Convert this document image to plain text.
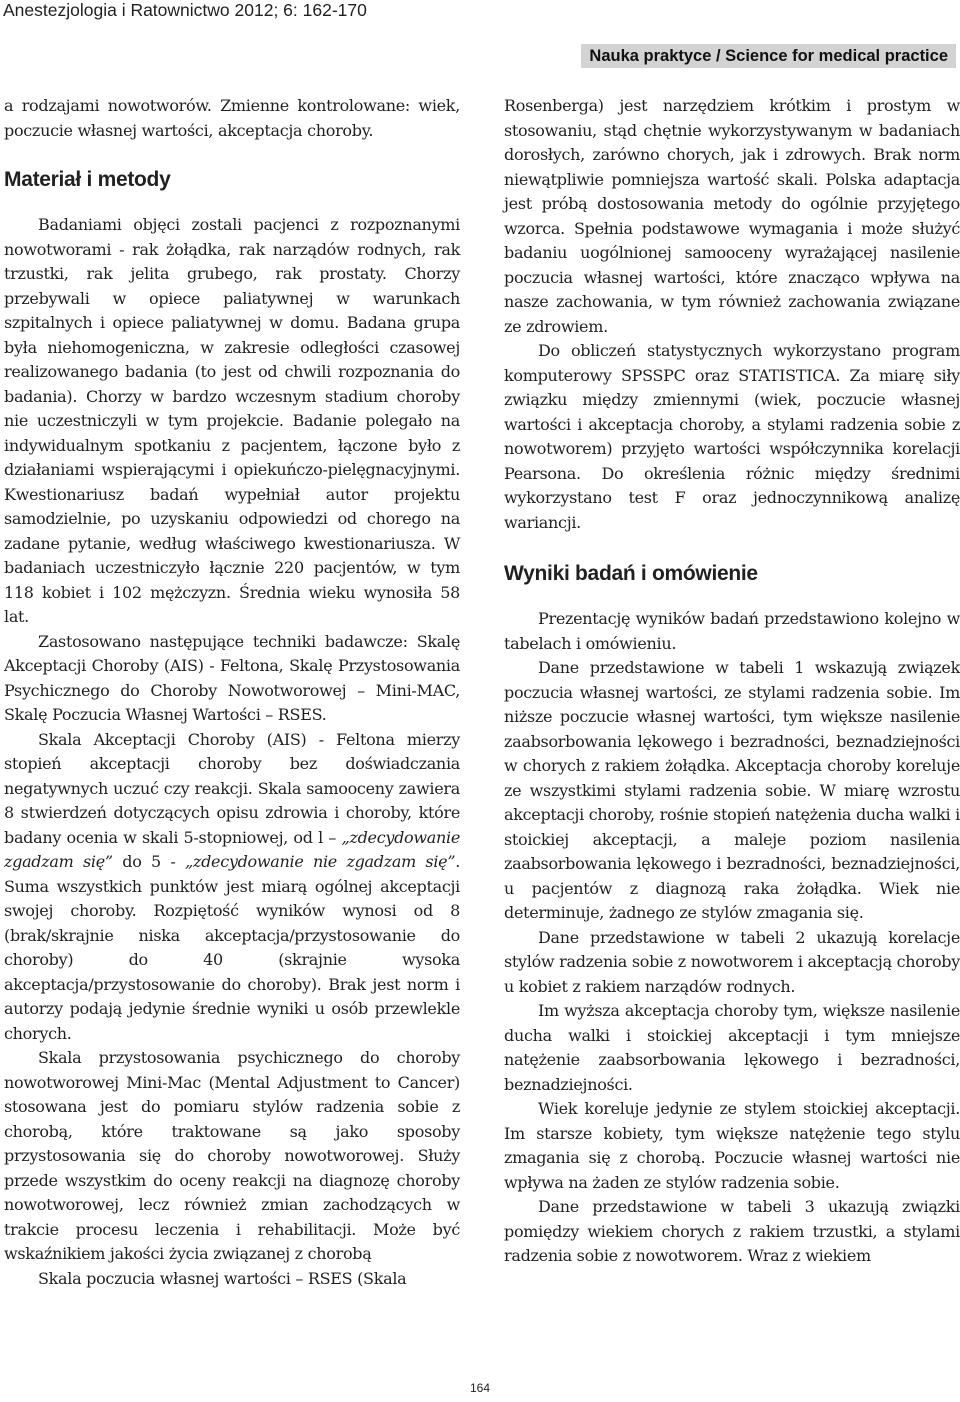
Anestezjologia i Ratownictwo 2012; 6: 162-170
Nauka praktyce / Science for medical practice

a rodzajami nowotworów. Zmienne kontrolowane: wiek, poczucie własnej wartości, akceptacja choroby.

Materiał i metody

Badaniami objęci zostali pacjenci z rozpoznanymi nowotworami - rak żołądka, rak narządów rodnych, rak trzustki, rak jelita grubego, rak prostaty. Chorzy przebywali w opiece paliatywnej w warunkach szpitalnych i opiece paliatywnej w domu. Badana grupa była niehomogeniczna, w zakresie odległości czasowej realizowanego badania (to jest od chwili rozpoznania do badania). Chorzy w bardzo wczesnym stadium choroby nie uczestniczyli w tym projekcie. Badanie polegało na indywidualnym spotkaniu z pacjentem, łączone było z działaniami wspierającymi i opiekuńczo-pielęgnacyjnymi. Kwestionariusz badań wypełniał autor projektu samodzielnie, po uzyskaniu odpowiedzi od chorego na zadane pytanie, według właściwego kwestionariusza. W badaniach uczestniczyło łącznie 220 pacjentów, w tym 118 kobiet i 102 mężczyzn. Średnia wieku wynosiła 58 lat.

Zastosowano następujące techniki badawcze: Skalę Akceptacji Choroby (AIS) - Feltona, Skalę Przystosowania Psychicznego do Choroby Nowotworowej – Mini-MAC, Skalę Poczucia Własnej Wartości – RSES.

Skala Akceptacji Choroby (AIS) - Feltona mierzy stopień akceptacji choroby bez doświadczania negatywnych uczuć czy reakcji. Skala samooceny zawiera 8 stwierdzeń dotyczących opisu zdrowia i choroby, które badany ocenia w skali 5-stopniowej, od l – „zdecydowanie zgadzam się” do 5 - „zdecydowanie nie zgadzam się”. Suma wszystkich punktów jest miarą ogólnej akceptacji swojej choroby. Rozpiętość wyników wynosi od 8 (brak/skrajnie niska akceptacja/przystosowanie do choroby) do 40 (skrajnie wysoka akceptacja/przystosowanie do choroby). Brak jest norm i autorzy podają jedynie średnie wyniki u osób przewlekle chorych.

Skala przystosowania psychicznego do choroby nowotworowej Mini-Mac (Mental Adjustment to Cancer) stosowana jest do pomiaru stylów radzenia sobie z chorobą, które traktowane są jako sposoby przystosowania się do choroby nowotworowej. Służy przede wszystkim do oceny reakcji na diagnozę choroby nowotworowej, lecz również zmian zachodzących w trakcie procesu leczenia i rehabilitacji. Może być wskaźnikiem jakości życia związanej z chorobą

Skala poczucia własnej wartości – RSES (Skala

Rosenberga) jest narzędziem krótkim i prostym w stosowaniu, stąd chętnie wykorzystywanym w badaniach dorosłych, zarówno chorych, jak i zdrowych. Brak norm niewątpliwie pomniejsza wartość skali. Polska adaptacja jest próbą dostosowania metody do ogólnie przyjętego wzorca. Spełnia podstawowe wymagania i może służyć badaniu uogólnionej samooceny wyrażającej nasilenie poczucia własnej wartości, które znacząco wpływa na nasze zachowania, w tym również zachowania związane ze zdrowiem.

Do obliczeń statystycznych wykorzystano program komputerowy SPSSPC oraz STATISTICA. Za miarę siły związku między zmiennymi (wiek, poczucie własnej wartości i akceptacja choroby, a stylami radzenia sobie z nowotworem) przyjęto wartości współczynnika korelacji Pearsona. Do określenia różnic między średnimi wykorzystano test F oraz jednoczynnikową analizę wariancji.

Wyniki badań i omówienie

Prezentację wyników badań przedstawiono kolejno w tabelach i omówieniu.

Dane przedstawione w tabeli 1 wskazują związek poczucia własnej wartości, ze stylami radzenia sobie. Im niższe poczucie własnej wartości, tym większe nasilenie zaabsorbowania lękowego i bezradności, beznadziejności w chorych z rakiem żołądka. Akceptacja choroby koreluje ze wszystkimi stylami radzenia sobie. W miarę wzrostu akceptacji choroby, rośnie stopień natężenia ducha walki i stoickiej akceptacji, a maleje poziom nasilenia zaabsorbowania lękowego i bezradności, beznadziejności, u pacjentów z diagnozą raka żołądka. Wiek nie determinuje, żadnego ze stylów zmagania się.

Dane przedstawione w tabeli 2 ukazują korelacje stylów radzenia sobie z nowotworem i akceptacją choroby u kobiet z rakiem narządów rodnych.

Im wyższa akceptacja choroby tym, większe nasilenie ducha walki i stoickiej akceptacji i tym mniejsze natężenie zaabsorbowania lękowego i bezradności, beznadziejności.

Wiek koreluje jedynie ze stylem stoickiej akceptacji. Im starsze kobiety, tym większe natężenie tego stylu zmagania się z chorobą. Poczucie własnej wartości nie wpływa na żaden ze stylów radzenia sobie.

Dane przedstawione w tabeli 3 ukazują związki pomiędzy wiekiem chorych z rakiem trzustki, a stylami radzenia sobie z nowotworem. Wraz z wiekiem

164
